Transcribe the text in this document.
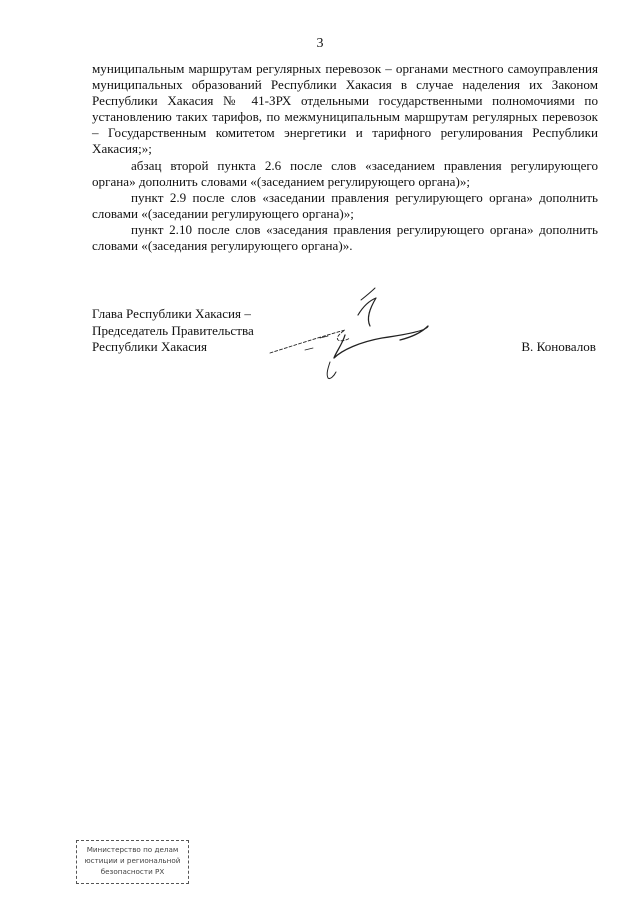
3

муниципальным маршрутам регулярных перевозок – органами местного самоуправления муниципальных образований Республики Хакасия в случае наделения их Законом Республики Хакасия № 41-ЗРХ отдельными государственными полномочиями по установлению таких тарифов, по межмуниципальным маршрутам регулярных перевозок – Государственным комитетом энергетики и тарифного регулирования Республики Хакасия;»;

абзац второй пункта 2.6 после слов «заседанием правления регулирующего органа» дополнить словами «(заседанием регулирующего органа)»;

пункт 2.9 после слов «заседании правления регулирующего органа» дополнить словами «(заседании регулирующего органа)»;

пункт 2.10 после слов «заседания правления регулирующего органа» дополнить словами «(заседания регулирующего органа)».

Глава Республики Хакасия –
Председатель Правительства
Республики Хакасия	В. Коновалов
Министерство по делам
юстиции и региональной
безопасности РХ
